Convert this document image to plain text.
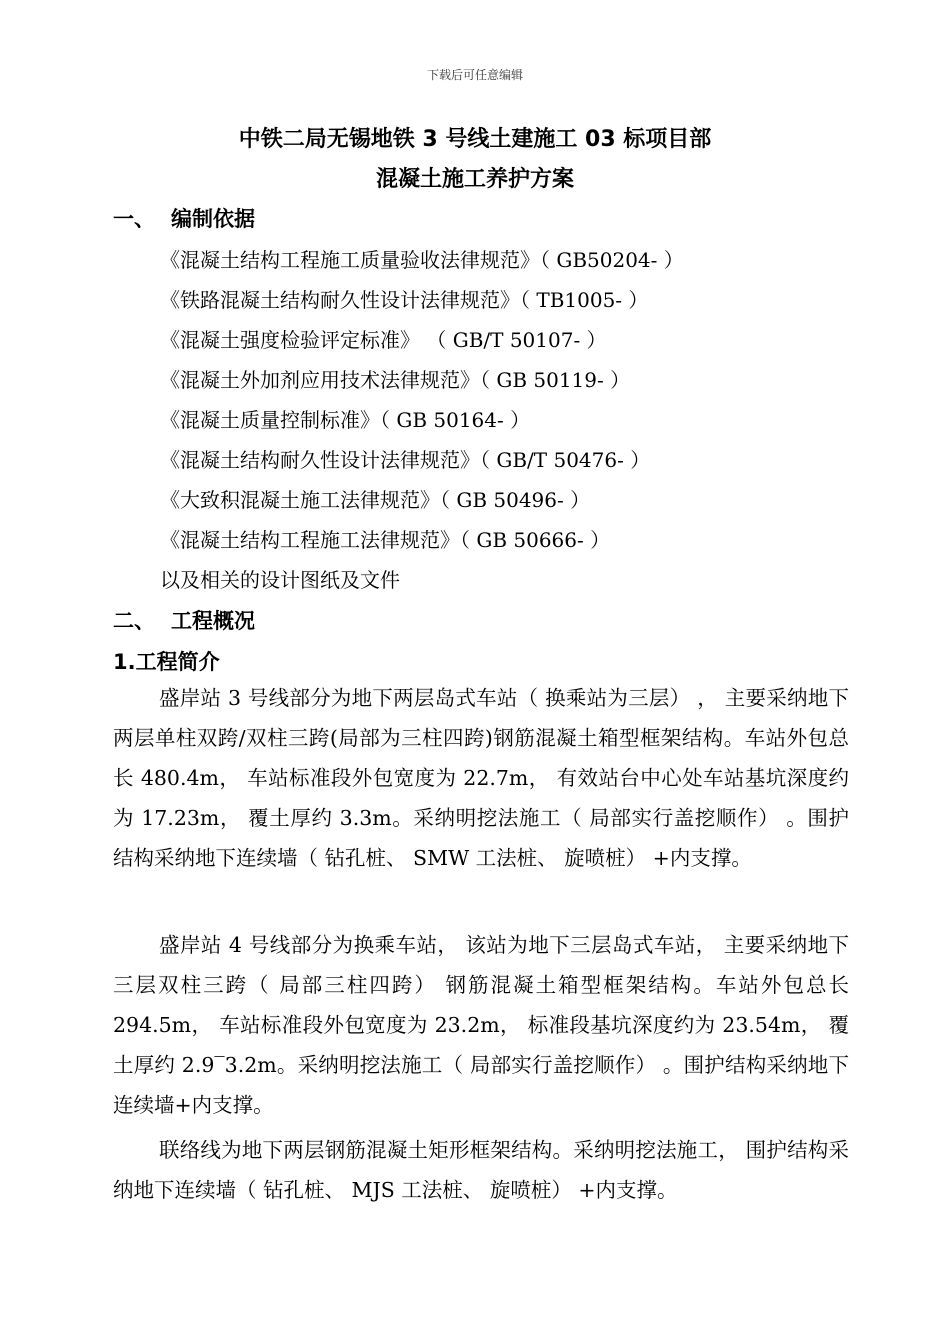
下载后可任意编辑
中铁二局无锡地铁 3 号线土建施工 03 标项目部
混凝土施工养护方案
一、 编制依据
《混凝土结构工程施工质量验收法律规范》（ GB50204- ）
《铁路混凝土结构耐久性设计法律规范》（ TB1005- ）
《混凝土强度检验评定标准》 （ GB/T 50107- ）
《混凝土外加剂应用技术法律规范》（ GB 50119- ）
《混凝土质量控制标准》（ GB 50164- ）
《混凝土结构耐久性设计法律规范》（ GB/T 50476- ）
《大致积混凝土施工法律规范》（ GB 50496- ）
《混凝土结构工程施工法律规范》（ GB 50666- ）
以及相关的设计图纸及文件
二、 工程概况
1.工程简介
盛岸站 3 号线部分为地下两层岛式车站（ 换乘站为三层） ， 主要采纳地下两层单柱双跨/双柱三跨(局部为三柱四跨)钢筋混凝土箱型框架结构。车站外包总长 480.4m， 车站标准段外包宽度为 22.7m， 有效站台中心处车站基坑深度约为 17.23m， 覆土厚约 3.3m。采纳明挖法施工（ 局部实行盖挖顺作） 。围护结构采纳地下连续墙（ 钻孔桩、 SMW 工法桩、 旋喷桩） +内支撑。
盛岸站 4 号线部分为换乘车站， 该站为地下三层岛式车站， 主要采纳地下三层双柱三跨（ 局部三柱四跨） 钢筋混凝土箱型框架结构。车站外包总长 294.5m， 车站标准段外包宽度为 23.2m， 标准段基坑深度约为 23.54m， 覆土厚约 2.9‾3.2m。采纳明挖法施工（ 局部实行盖挖顺作） 。围护结构采纳地下连续墙+内支撑。
联络线为地下两层钢筋混凝土矩形框架结构。采纳明挖法施工， 围护结构采纳地下连续墙（ 钻孔桩、 MJS 工法桩、 旋喷桩） +内支撑。
